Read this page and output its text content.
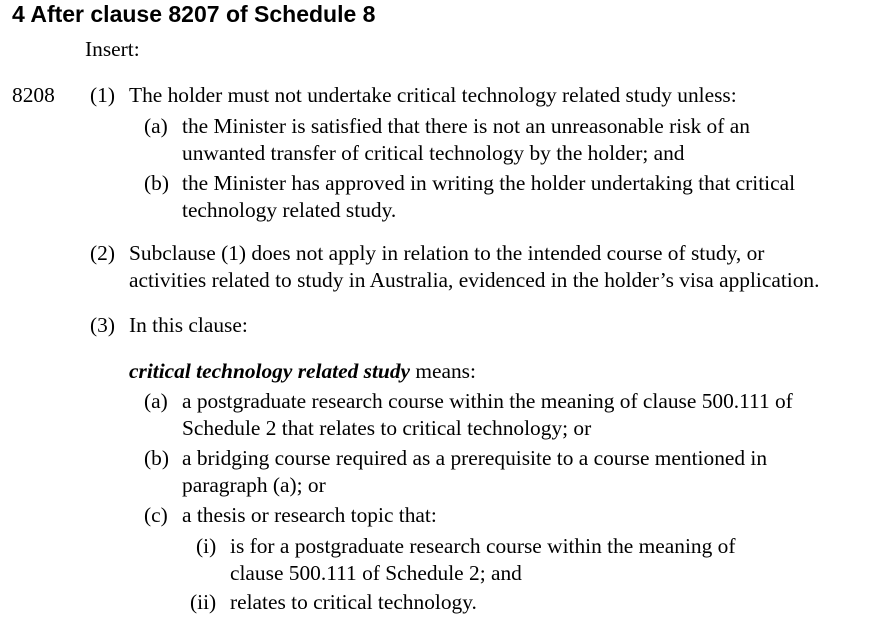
4 After clause 8207 of Schedule 8
Insert:
8208 (1) The holder must not undertake critical technology related study unless:
(a) the Minister is satisfied that there is not an unreasonable risk of an
unwanted transfer of critical technology by the holder; and
(b) the Minister has approved in writing the holder undertaking that critical
technology related study.
(2) Subclause (1) does not apply in relation to the intended course of study, or
activities related to study in Australia, evidenced in the holder’s visa application.
(3) In this clause:
critical technology related study means:
(a) a postgraduate research course within the meaning of clause 500.111 of
Schedule 2 that relates to critical technology; or
(b) a bridging course required as a prerequisite to a course mentioned in
paragraph (a); or
(c) a thesis or research topic that:
(i) is for a postgraduate research course within the meaning of
clause 500.111 of Schedule 2; and
(ii) relates to critical technology.
